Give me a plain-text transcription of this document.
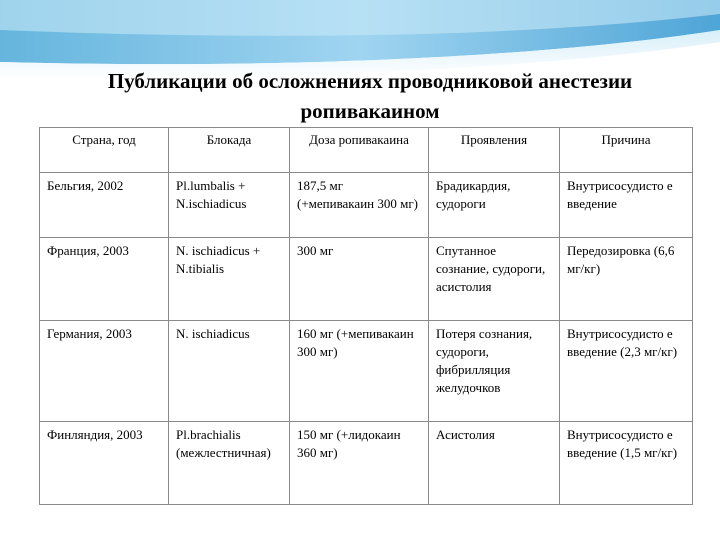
Публикации об осложнениях проводниковой анестезии
ропивакаином
Страна, год	Блокада	Доза ропивакаина	Проявления	Причина
Бельгия, 2002	Pl.lumbalis + N.ischiadicus	187,5 мг (+мепивакаин 300 мг)	Брадикардия, судороги	Внутрисосудисто е введение
Франция, 2003	N. ischiadicus + N.tibialis	300 мг	Спутанное сознание, судороги, асистолия	Передозировка (6,6 мг/кг)
Германия, 2003	N. ischiadicus	160 мг (+мепивакаин 300 мг)	Потеря сознания, судороги, фибрилляция желудочков	Внутрисосудисто е введение (2,3 мг/кг)
Финляндия, 2003	Pl.brachialis (межлестничная)	150 мг (+лидокаин 360 мг)	Асистолия	Внутрисосудисто е введение (1,5 мг/кг)
